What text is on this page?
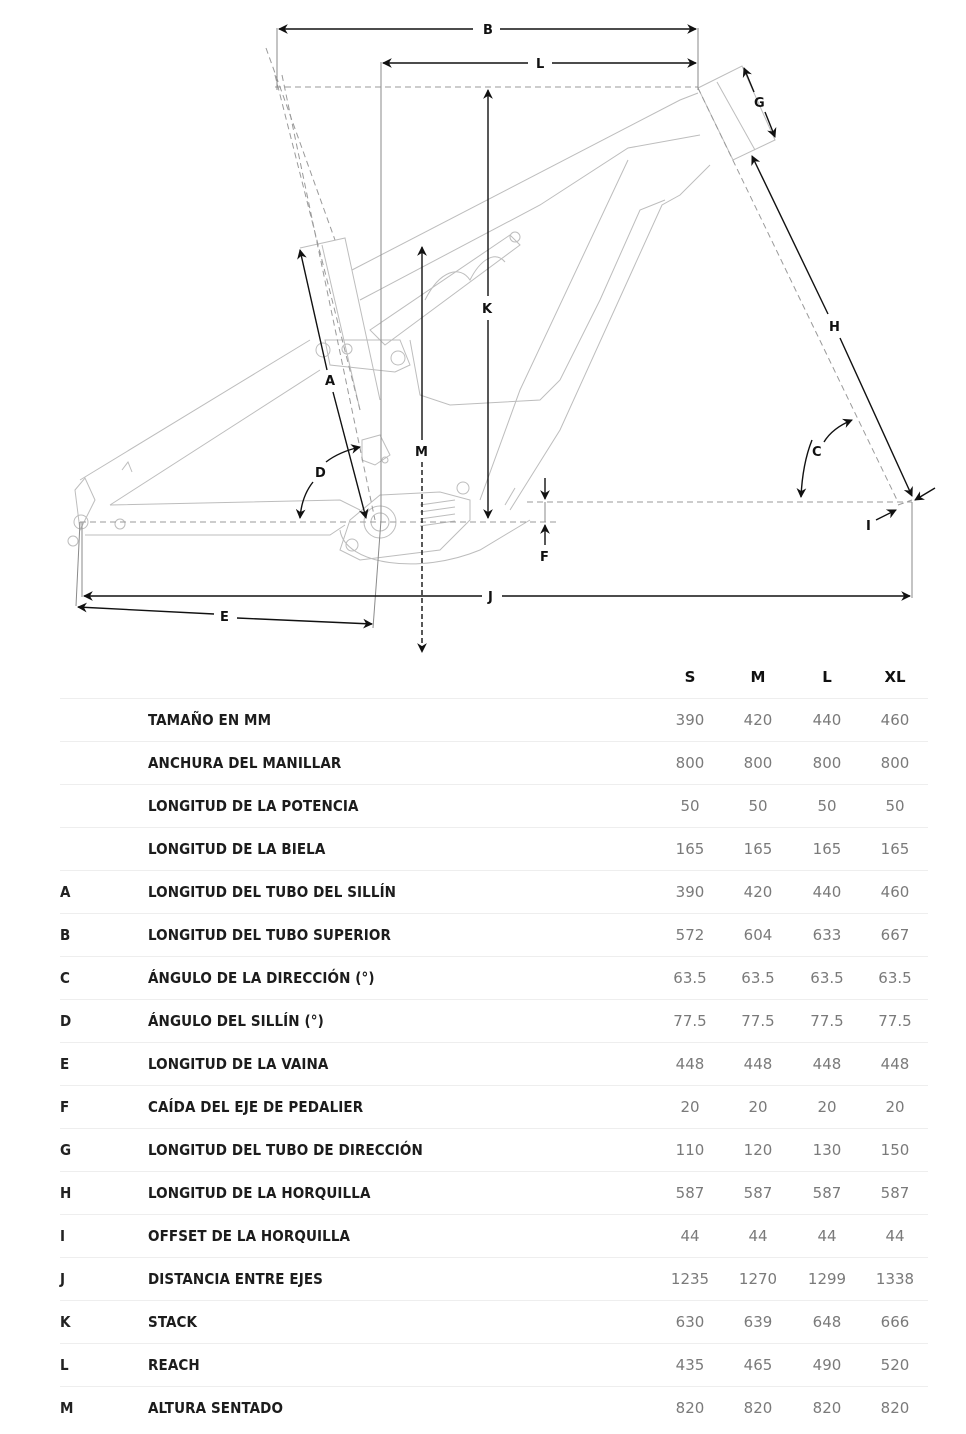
B
L
G
H
C
I
K
M
A
D
F
J
E
S	M	L	XL
TAMAÑO EN MM	390	420	440	460
ANCHURA DEL MANILLAR	800	800	800	800
LONGITUD DE LA POTENCIA	50	50	50	50
LONGITUD DE LA BIELA	165	165	165	165
A	LONGITUD DEL TUBO DEL SILLÍN	390	420	440	460
B	LONGITUD DEL TUBO SUPERIOR	572	604	633	667
C	ÁNGULO DE LA DIRECCIÓN (°)	63.5	63.5	63.5	63.5
D	ÁNGULO DEL SILLÍN (°)	77.5	77.5	77.5	77.5
E	LONGITUD DE LA VAINA	448	448	448	448
F	CAÍDA DEL EJE DE PEDALIER	20	20	20	20
G	LONGITUD DEL TUBO DE DIRECCIÓN	110	120	130	150
H	LONGITUD DE LA HORQUILLA	587	587	587	587
I	OFFSET DE LA HORQUILLA	44	44	44	44
J	DISTANCIA ENTRE EJES	1235	1270	1299	1338
K	STACK	630	639	648	666
L	REACH	435	465	490	520
M	ALTURA SENTADO	820	820	820	820
